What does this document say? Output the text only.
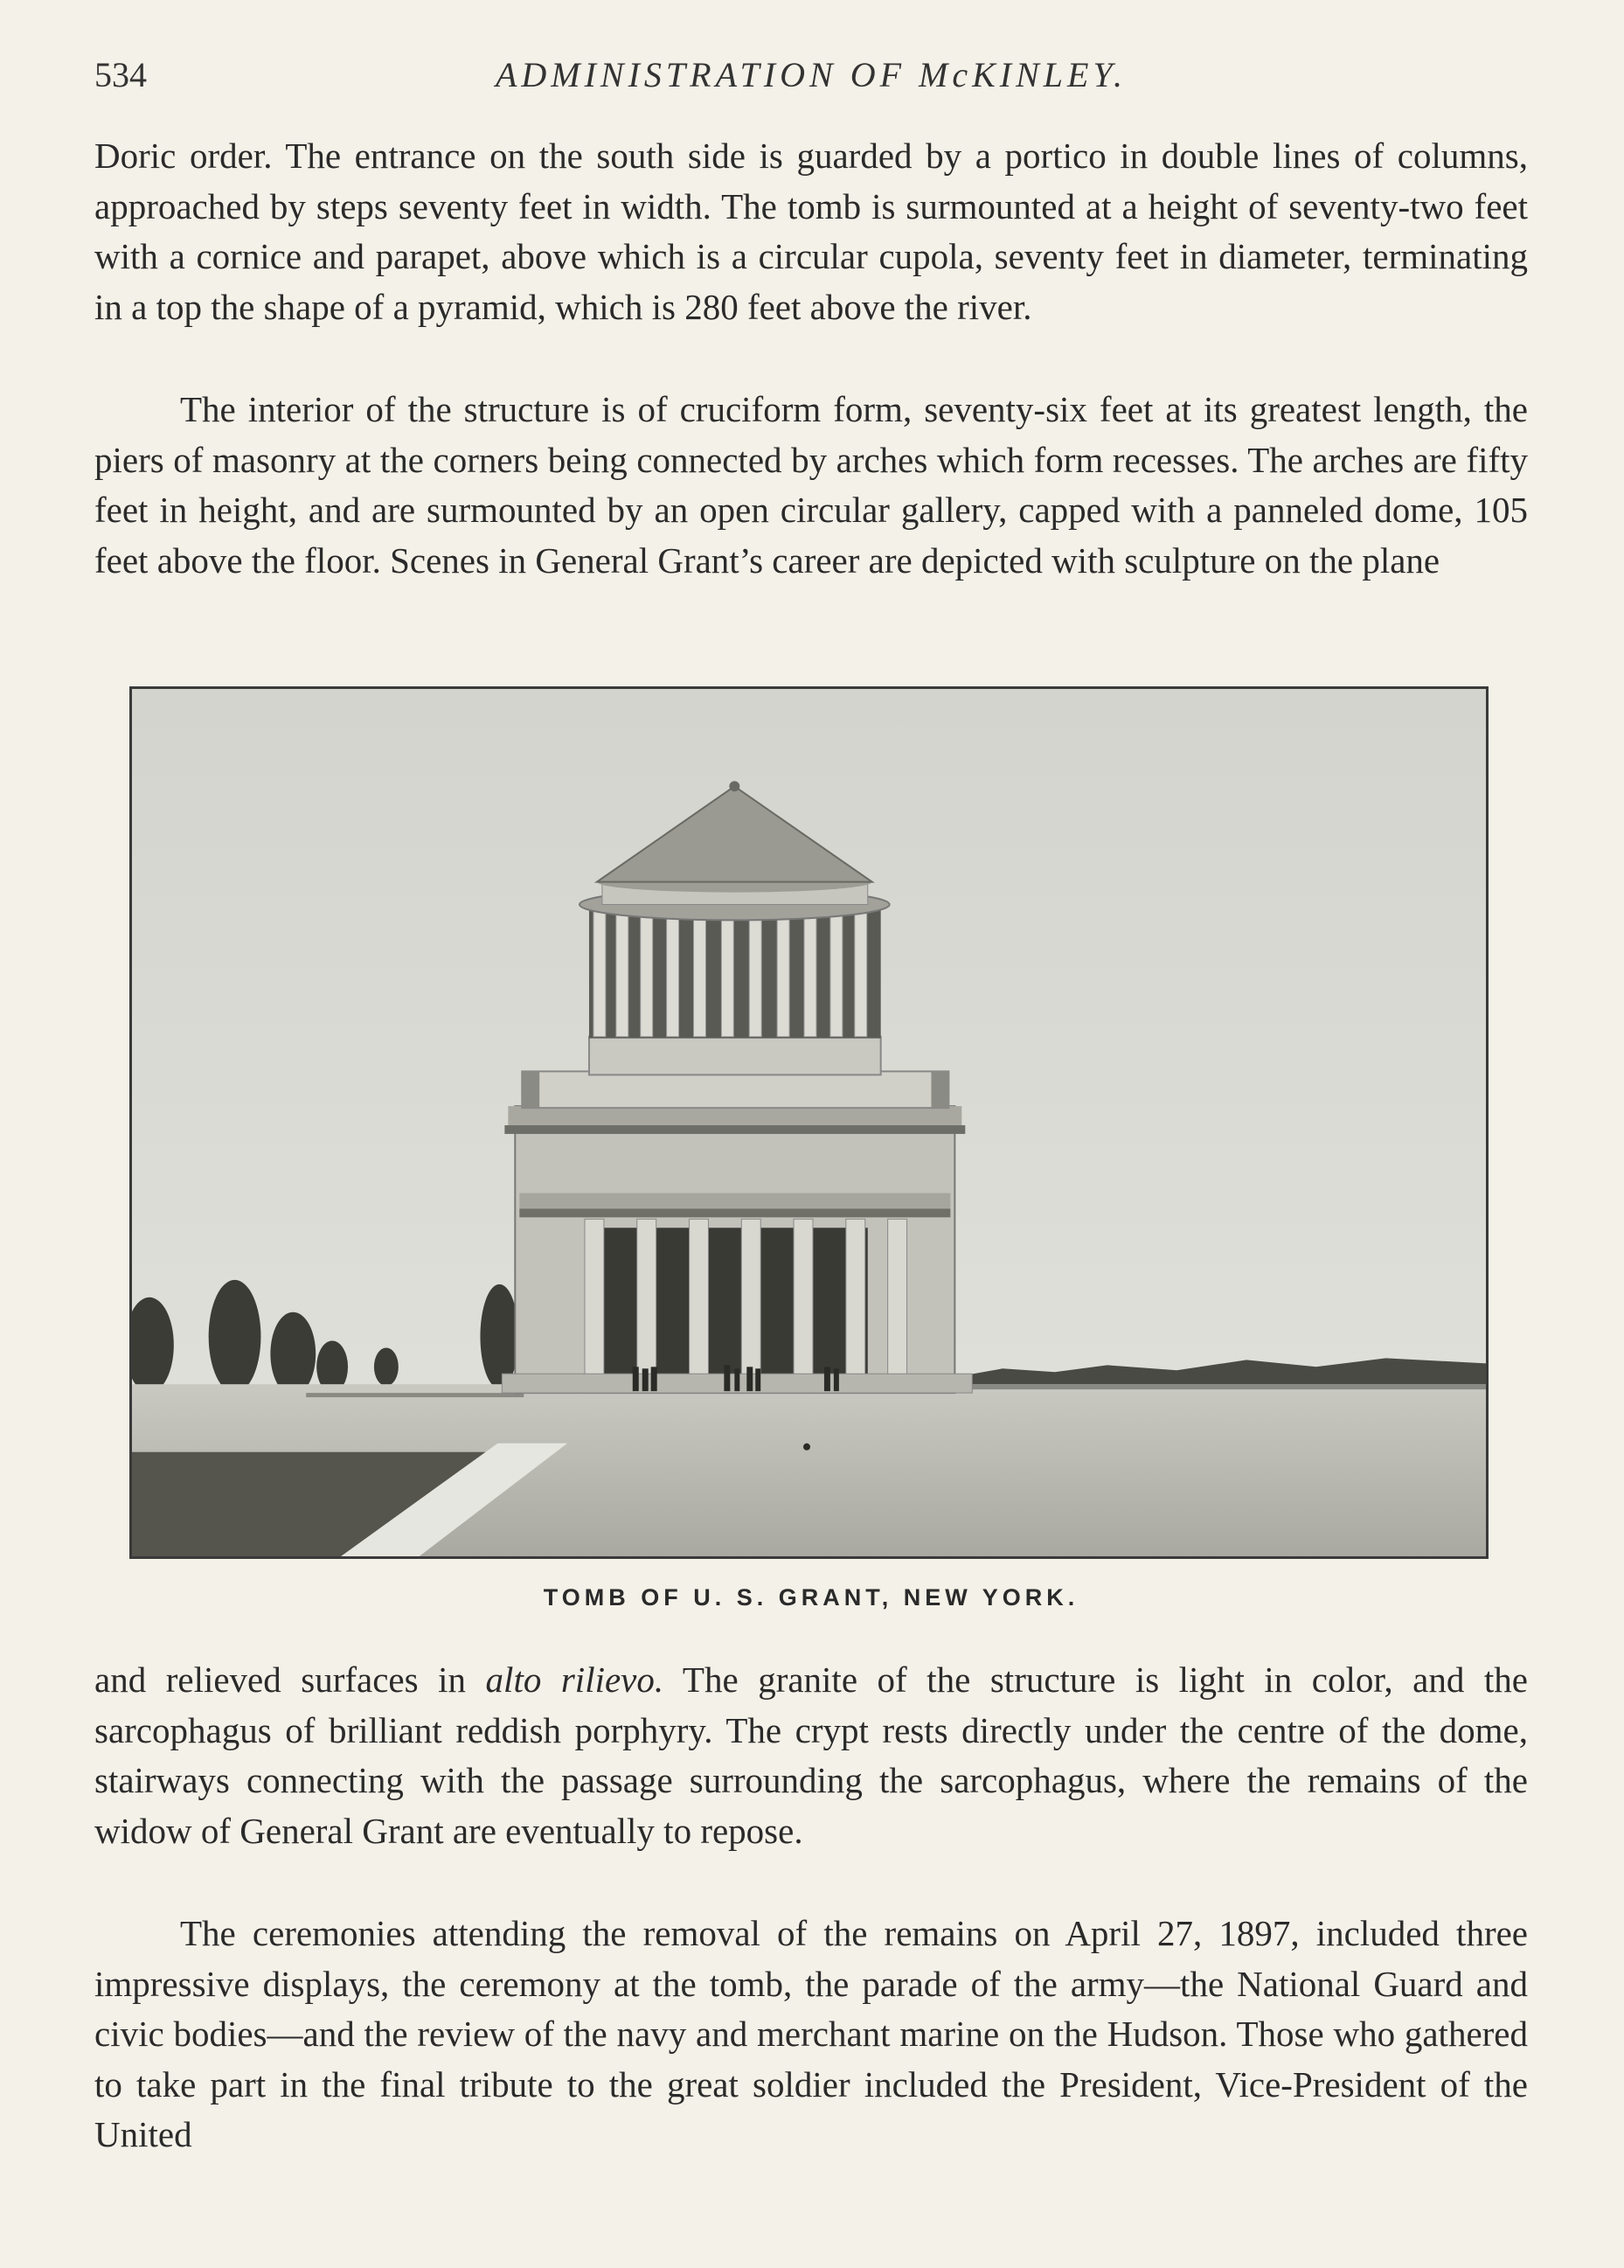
534	ADMINISTRATION OF McKINLEY.

Doric order. The entrance on the south side is guarded by a portico in double lines of columns, approached by steps seventy feet in width. The tomb is surmounted at a height of seventy-two feet with a cornice and parapet, above which is a circular cupola, seventy feet in diameter, terminating in a top the shape of a pyramid, which is 280 feet above the river.

The interior of the structure is of cruciform form, seventy-six feet at its greatest length, the piers of masonry at the corners being connected by arches which form recesses. The arches are fifty feet in height, and are surmounted by an open circular gallery, capped with a panneled dome, 105 feet above the floor. Scenes in General Grant’s career are depicted with sculpture on the plane

TOMB OF U. S. GRANT, NEW YORK.

and relieved surfaces in alto rilievo. The granite of the structure is light in color, and the sarcophagus of brilliant reddish porphyry. The crypt rests directly under the centre of the dome, stairways connecting with the passage surrounding the sarcophagus, where the remains of the widow of General Grant are eventually to repose.

The ceremonies attending the removal of the remains on April 27, 1897, included three impressive displays, the ceremony at the tomb, the parade of the army—the National Guard and civic bodies—and the review of the navy and merchant marine on the Hudson. Those who gathered to take part in the final tribute to the great soldier included the President, Vice-President of the United
